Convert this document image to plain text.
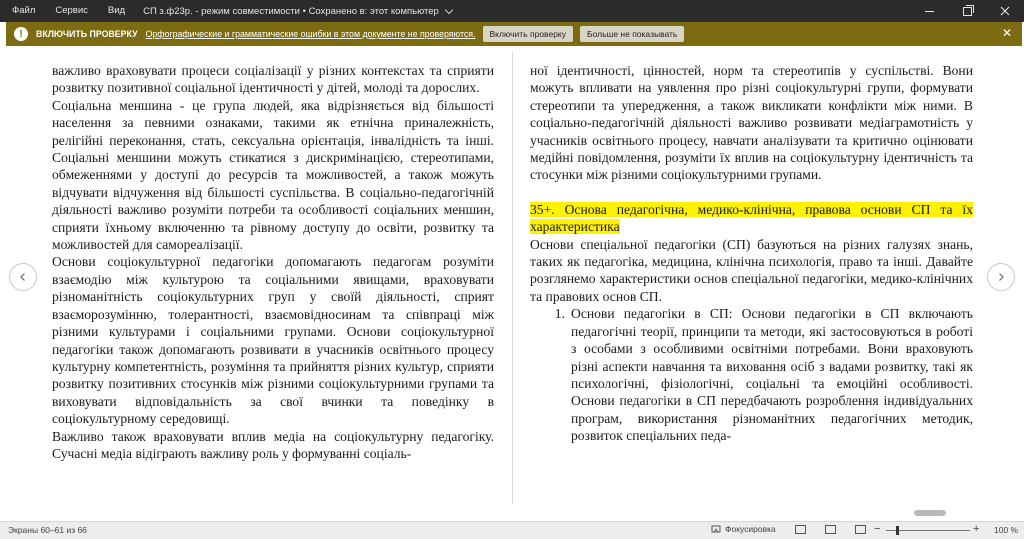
Файл	Сервис	Вид	СП з.ф23р. - режим совместимости • Сохранено в: этот компьютер
!	ВКЛЮЧИТЬ ПРОВЕРКУ Орфографические и грамматические ошибки в этом документе не проверяются.	Включить проверку	Больше не показывать	✕

важливо враховувати процеси соціалізації у різних контекстах та сприяти розвитку позитивної соціальної ідентичності у дітей, молоді та дорослих.

Соціальна меншина - це група людей, яка відрізняється від більшості населення за певними ознаками, такими як етнічна приналежність, релігійні переконання, стать, сексуальна орієнтація, інвалідність та інші. Соціальні меншини можуть стикатися з дискримінацією, стереотипами, обмеженнями у доступі до ресурсів та можливостей, а також можуть відчувати відчуження від більшості суспільства. В соціально-педагогічній діяльності важливо розуміти потреби та особливості соціальних меншин, сприяти їхньому включенню та рівному доступу до освіти, розвитку та можливостей для самореалізації.

Основи соціокультурної педагогіки допомагають педагогам розуміти взаємодію між культурою та соціальними явищами, враховувати різноманітність соціокультурних груп у своїй діяльності, сприят взаєморозумінню, толерантності, взаємовідносинам та співпраці між різними культурами і соціальними групами. Основи соціокультурної педагогіки також допомагають розвивати в учасників освітнього процесу культурну компетентність, розуміння та прийняття різних культур, сприяти розвитку позитивних стосунків між різними соціокультурними групами та виховувати відповідальність за свої вчинки та поведінку в соціокультурному середовищі.

Важливо також враховувати вплив медіа на соціокультурну педагогіку. Сучасні медіа відіграють важливу роль у формуванні соціаль-

ної ідентичності, цінностей, норм та стереотипів у суспільстві. Вони можуть впливати на уявлення про різні соціокультурні групи, формувати стереотипи та упередження, а також викликати конфлікти між ними. В соціально-педагогічній діяльності важливо розвивати медіаграмотність у учасників освітнього процесу, навчати аналізувати та критично оцінювати медійні повідомлення, розуміти їх вплив на соціокультурну ідентичність та стосунки між різними соціокультурними групами.

35+. Основа педагогічна, медико-клінічна, правова основи СП та їх характеристика

Основи спеціальної педагогіки (СП) базуються на різних галузях знань, таких як педагогіка, медицина, клінічна психологія, право та інші. Давайте розглянемо характеристики основ спеціальної педагогіки, медико-клінічних та правових основ СП.

1. Основи педагогіки в СП: Основи педагогіки в СП включають педагогічні теорії, принципи та методи, які застосовуються в роботі з особами з особливими освітніми потребами. Вони враховують різні аспекти навчання та виховання осіб з вадами розвитку, такі як психологічні, фізіологічні, соціальні та емоційні особливості. Основи педагогіки в СП передбачають розроблення індивідуальних програм, використання різноманітних педагогічних методик, розвиток спеціальних педа-
Экраны 60–61 из 66	Фокусировка	−	+ 100 %
